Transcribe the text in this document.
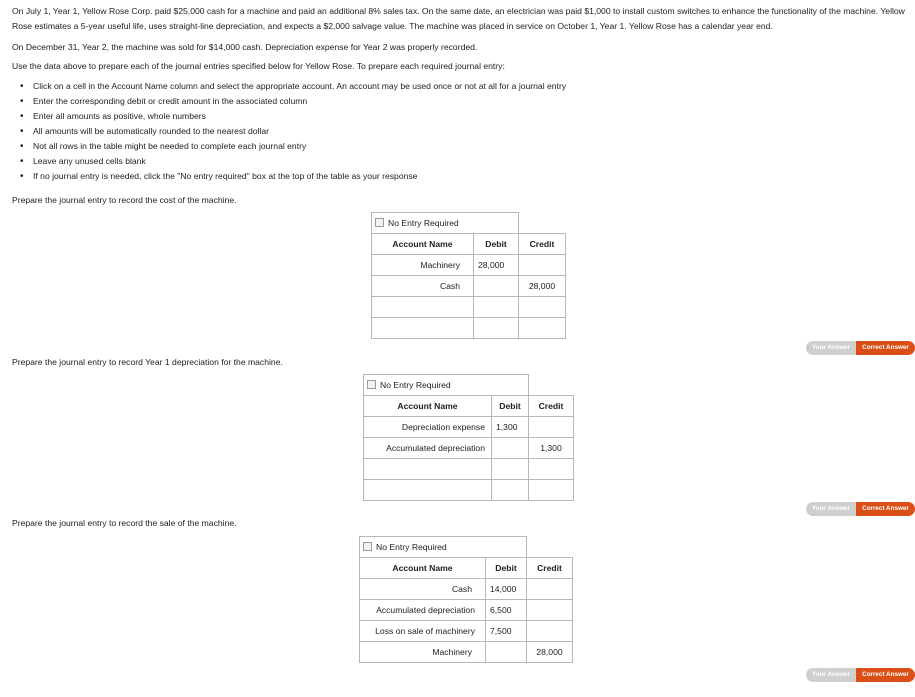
On July 1, Year 1, Yellow Rose Corp. paid $25,000 cash for a machine and paid an additional 8% sales tax. On the same date, an electrician was paid $1,000 to install custom switches to enhance the functionality of the machine. Yellow Rose estimates a 5-year useful life, uses straight-line depreciation, and expects a $2,000 salvage value. The machine was placed in service on October 1, Year 1. Yellow Rose has a calendar year end.
On December 31, Year 2, the machine was sold for $14,000 cash. Depreciation expense for Year 2 was properly recorded.
Use the data above to prepare each of the journal entries specified below for Yellow Rose. To prepare each required journal entry:
• Click on a cell in the Account Name column and select the appropriate account. An account may be used once or not at all for a journal entry
• Enter the corresponding debit or credit amount in the associated column
• Enter all amounts as positive, whole numbers
• All amounts will be automatically rounded to the nearest dollar
• Not all rows in the table might be needed to complete each journal entry
• Leave any unused cells blank
• If no journal entry is needed, click the "No entry required" box at the top of the table as your response
Prepare the journal entry to record the cost of the machine.
No Entry Required		
Account Name	Debit	Credit
Machinery	28,000	
Cash		28,000

Your Answer	Correct Answer
Prepare the journal entry to record Year 1 depreciation for the machine.
No Entry Required		
Account Name	Debit	Credit
Depreciation expense	1,300	
Accumulated depreciation		1,300

Your Answer	Correct Answer
Prepare the journal entry to record the sale of the machine.
No Entry Required		
Account Name	Debit	Credit
Cash	14,000	
Accumulated depreciation	6,500	
Loss on sale of machinery	7,500	
Machinery		28,000
Your Answer	Correct Answer
